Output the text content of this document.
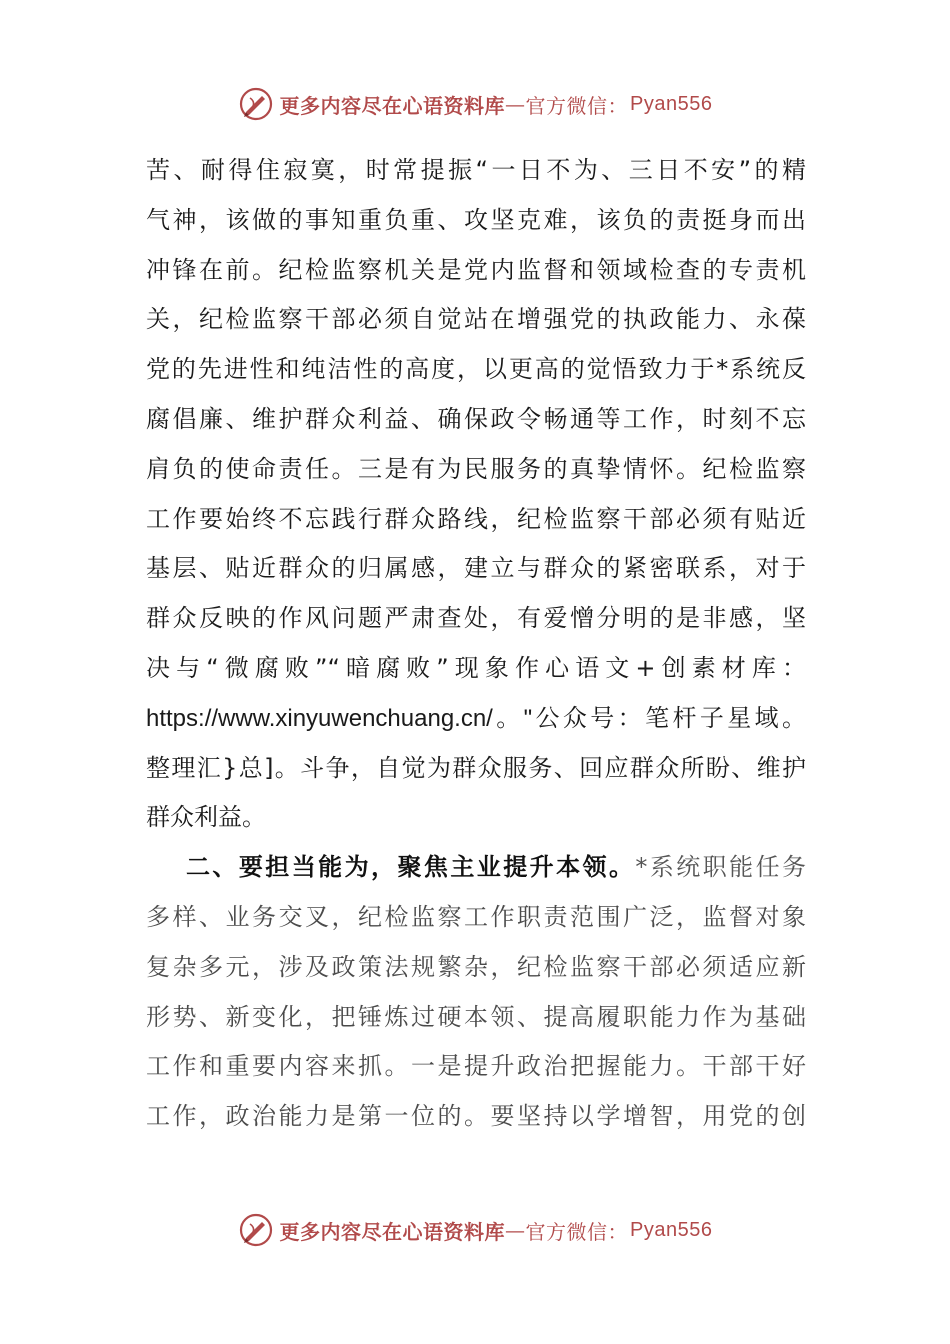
更多内容尽在心语资料库 — 官方微信： Pyan556
苦、耐得住寂寞，时常提振“一日不为、三日不安”的精
气神，该做的事知重负重、攻坚克难，该负的责挺身而出
冲锋在前。纪检监察机关是党内监督和领域检查的专责机
关，纪检监察干部必须自觉站在增强党的执政能力、永葆
党的先进性和纯洁性的高度，以更高的觉悟致力于*系统反
腐倡廉、维护群众利益、确保政令畅通等工作，时刻不忘
肩负的使命责任。三是有为民服务的真挚情怀。纪检监察
工作要始终不忘践行群众路线，纪检监察干部必须有贴近
基层、贴近群众的归属感，建立与群众的紧密联系，对于
群众反映的作风问题严肃查处，有爱憎分明的是非感，坚
决与“微腐败”“暗腐败”现象作心语文+创素材库：
https://www.xinyuwenchuang.cn/。"公众号：笔杆子星域。
整理汇}总]。斗争，自觉为群众服务、回应群众所盼、维护
群众利益。
二、要担当能为，聚焦主业提升本领。*系统职能任务
多样、业务交叉，纪检监察工作职责范围广泛，监督对象
复杂多元，涉及政策法规繁杂，纪检监察干部必须适应新
形势、新变化，把锤炼过硬本领、提高履职能力作为基础
工作和重要内容来抓。一是提升政治把握能力。干部干好
工作，政治能力是第一位的。要坚持以学增智，用党的创
更多内容尽在心语资料库 — 官方微信： Pyan556
